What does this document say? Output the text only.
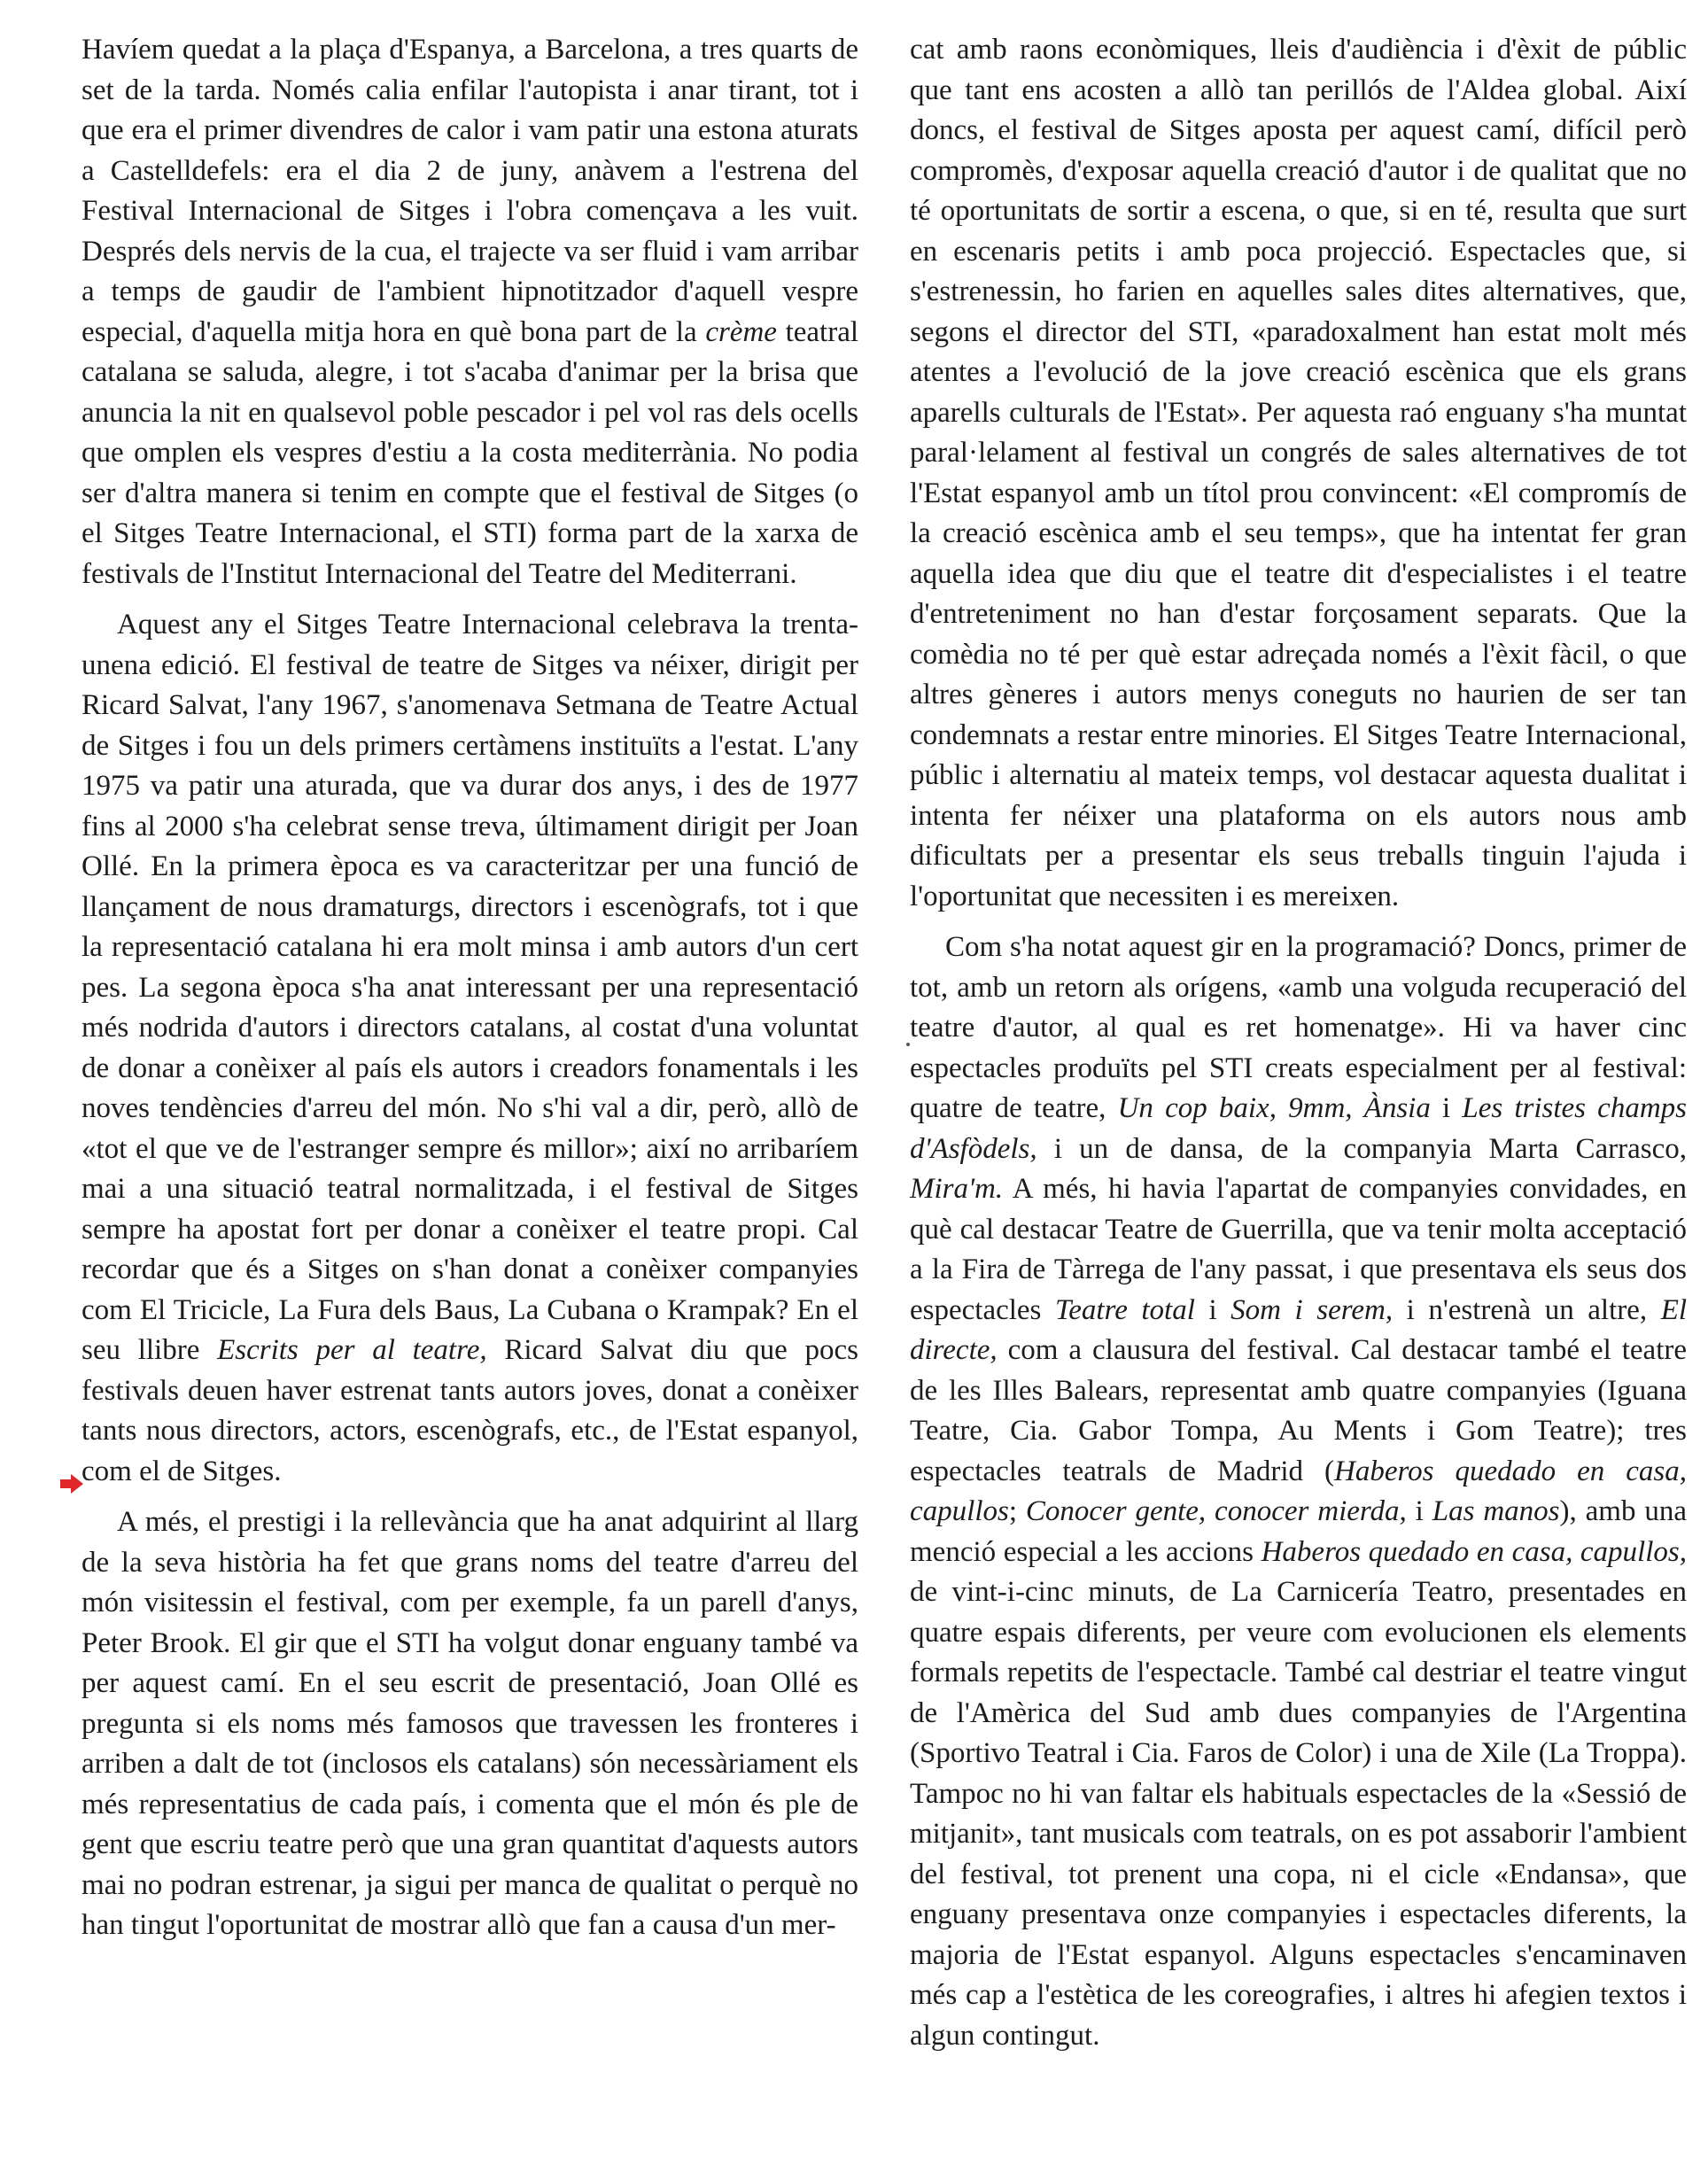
Havíem quedat a la plaça d'Espanya, a Barcelona, a tres quarts de set de la tarda. Només calia enfilar l'autopista i anar tirant, tot i que era el primer divendres de calor i vam patir una estona aturats a Castelldefels: era el dia 2 de juny, anàvem a l'estrena del Festival Internacional de Sitges i l'obra començava a les vuit. Després dels nervis de la cua, el trajecte va ser fluid i vam arribar a temps de gaudir de l'ambient hipnotitzador d'aquell vespre especial, d'aquella mitja hora en què bona part de la crème teatral catalana se saluda, alegre, i tot s'acaba d'animar per la brisa que anuncia la nit en qualsevol poble pescador i pel vol ras dels ocells que omplen els vespres d'estiu a la costa mediterrània. No podia ser d'altra manera si tenim en compte que el festival de Sitges (o el Sitges Teatre Internacional, el STI) forma part de la xarxa de festivals de l'Institut Internacional del Teatre del Mediterrani.

Aquest any el Sitges Teatre Internacional celebrava la trenta-unena edició. El festival de teatre de Sitges va néixer, dirigit per Ricard Salvat, l'any 1967, s'anomenava Setmana de Teatre Actual de Sitges i fou un dels primers certàmens instituïts a l'estat. L'any 1975 va patir una aturada, que va durar dos anys, i des de 1977 fins al 2000 s'ha celebrat sense treva, últimament dirigit per Joan Ollé. En la primera època es va caracteritzar per una funció de llançament de nous dramaturgs, directors i escenògrafs, tot i que la representació catalana hi era molt minsa i amb autors d'un cert pes. La segona època s'ha anat interessant per una representació més nodrida d'autors i directors catalans, al costat d'una voluntat de donar a conèixer al país els autors i creadors fonamentals i les noves tendències d'arreu del món. No s'hi val a dir, però, allò de «tot el que ve de l'estranger sempre és millor»; així no arribaríem mai a una situació teatral normalitzada, i el festival de Sitges sempre ha apostat fort per donar a conèixer el teatre propi. Cal recordar que és a Sitges on s'han donat a conèixer companyies com El Tricicle, La Fura dels Baus, La Cubana o Krampak? En el seu llibre Escrits per al teatre, Ricard Salvat diu que pocs festivals deuen haver estrenat tants autors joves, donat a conèixer tants nous directors, actors, escenògrafs, etc., de l'Estat espanyol, com el de Sitges.

A més, el prestigi i la rellevància que ha anat adquirint al llarg de la seva història ha fet que grans noms del teatre d'arreu del món visitessin el festival, com per exemple, fa un parell d'anys, Peter Brook. El gir que el STI ha volgut donar enguany també va per aquest camí. En el seu escrit de presentació, Joan Ollé es pregunta si els noms més famosos que travessen les fronteres i arriben a dalt de tot (inclosos els catalans) són necessàriament els més representatius de cada país, i comenta que el món és ple de gent que escriu teatre però que una gran quantitat d'aquests autors mai no podran estrenar, ja sigui per manca de qualitat o perquè no han tingut l'oportunitat de mostrar allò que fan a causa d'un mer-

cat amb raons econòmiques, lleis d'audiència i d'èxit de públic que tant ens acosten a allò tan perillós de l'Aldea global. Així doncs, el festival de Sitges aposta per aquest camí, difícil però compromès, d'exposar aquella creació d'autor i de qualitat que no té oportunitats de sortir a escena, o que, si en té, resulta que surt en escenaris petits i amb poca projecció. Espectacles que, si s'estrenessin, ho farien en aquelles sales dites alternatives, que, segons el director del STI, «paradoxalment han estat molt més atentes a l'evolució de la jove creació escènica que els grans aparells culturals de l'Estat». Per aquesta raó enguany s'ha muntat paral·lelament al festival un congrés de sales alternatives de tot l'Estat espanyol amb un títol prou convincent: «El compromís de la creació escènica amb el seu temps», que ha intentat fer gran aquella idea que diu que el teatre dit d'especialistes i el teatre d'entreteniment no han d'estar forçosament separats. Que la comèdia no té per què estar adreçada només a l'èxit fàcil, o que altres gèneres i autors menys coneguts no haurien de ser tan condemnats a restar entre minories. El Sitges Teatre Internacional, públic i alternatiu al mateix temps, vol destacar aquesta dualitat i intenta fer néixer una plataforma on els autors nous amb dificultats per a presentar els seus treballs tinguin l'ajuda i l'oportunitat que necessiten i es mereixen.

Com s'ha notat aquest gir en la programació? Doncs, primer de tot, amb un retorn als orígens, «amb una volguda recuperació del teatre d'autor, al qual es ret homenatge». Hi va haver cinc espectacles produïts pel STI creats especialment per al festival: quatre de teatre, Un cop baix, 9mm, Ànsia i Les tristes champs d'Asfòdels, i un de dansa, de la companyia Marta Carrasco, Mira'm. A més, hi havia l'apartat de companyies convidades, en què cal destacar Teatre de Guerrilla, que va tenir molta acceptació a la Fira de Tàrrega de l'any passat, i que presentava els seus dos espectacles Teatre total i Som i serem, i n'estrenà un altre, El directe, com a clausura del festival. Cal destacar també el teatre de les Illes Balears, representat amb quatre companyies (Iguana Teatre, Cia. Gabor Tompa, Au Ments i Gom Teatre); tres espectacles teatrals de Madrid (Haberos quedado en casa, capullos; Conocer gente, conocer mierda, i Las manos), amb una menció especial a les accions Haberos quedado en casa, capullos, de vint-i-cinc minuts, de La Carnicería Teatro, presentades en quatre espais diferents, per veure com evolucionen els elements formals repetits de l'espectacle. També cal destriar el teatre vingut de l'Amèrica del Sud amb dues companyies de l'Argentina (Sportivo Teatral i Cia. Faros de Color) i una de Xile (La Troppa). Tampoc no hi van faltar els habituals espectacles de la «Sessió de mitjanit», tant musicals com teatrals, on es pot assaborir l'ambient del festival, tot prenent una copa, ni el cicle «Endansa», que enguany presentava onze companyies i espectacles diferents, la majoria de l'Estat espanyol. Alguns espectacles s'encaminaven més cap a l'estètica de les coreografies, i altres hi afegien textos i algun contingut.
